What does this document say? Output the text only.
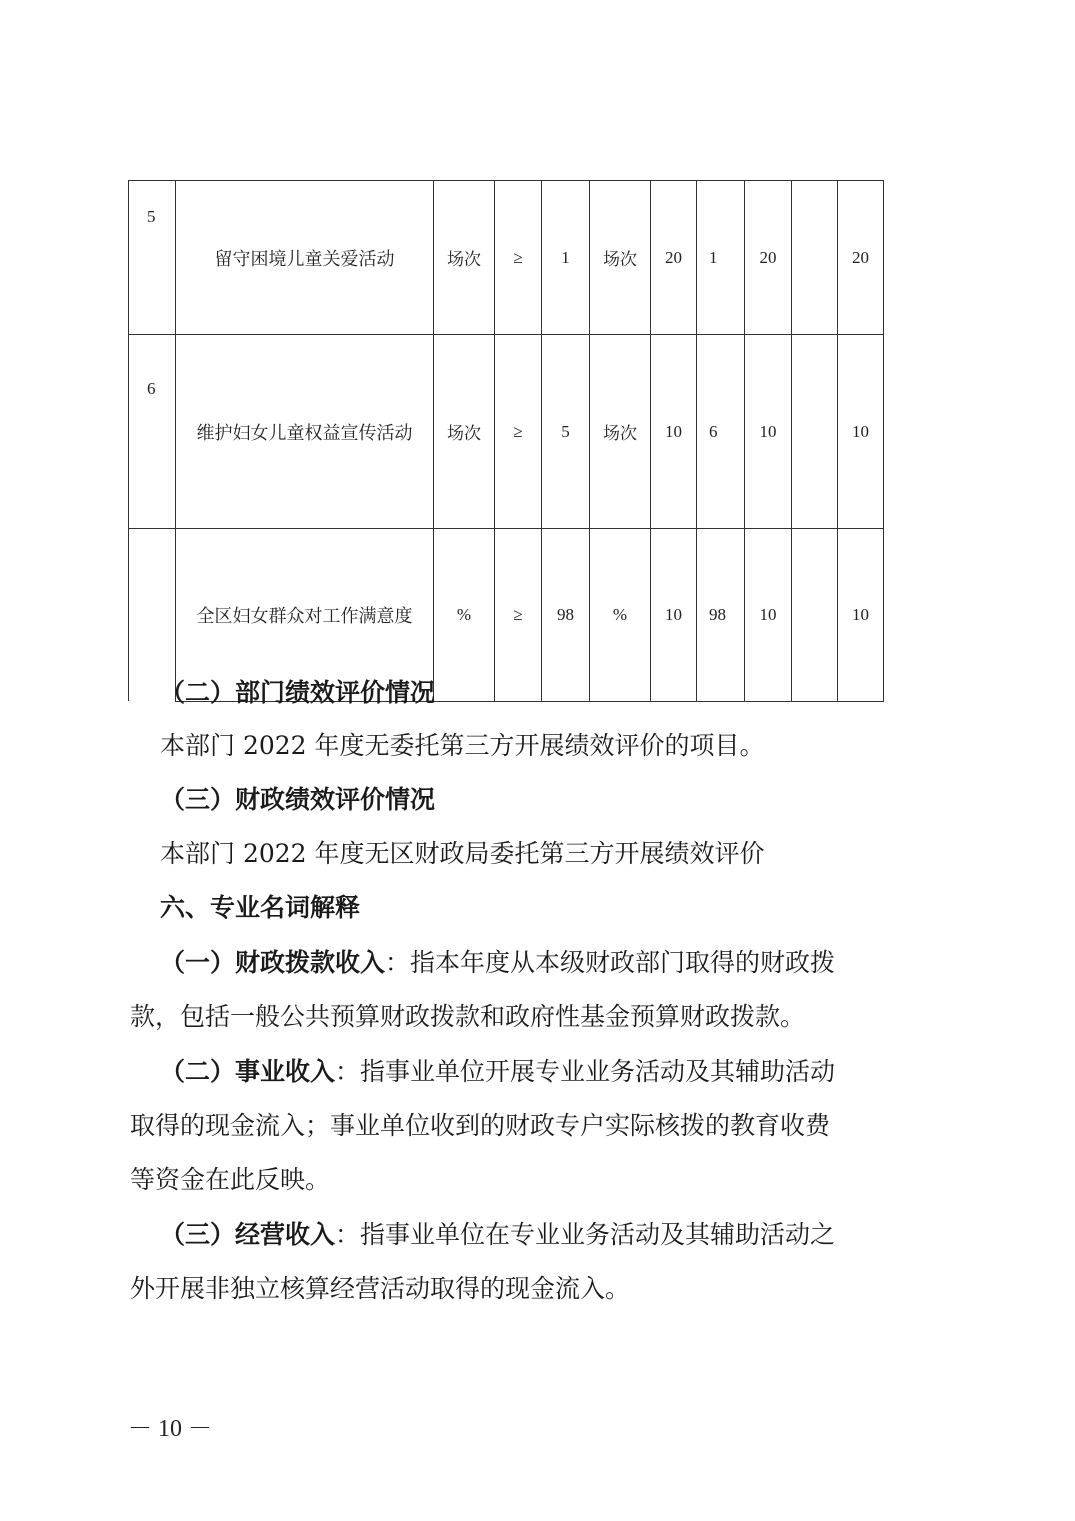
5	留守困境儿童关爱活动	场次	≥	1	场次	20	1	20		20
6	维护妇女儿童权益宣传活动	场次	≥	5	场次	10	6	10		10
	全区妇女群众对工作满意度	%	≥	98	%	10	98	10		10
（二）部门绩效评价情况
本部门 2022 年度无委托第三方开展绩效评价的项目。
（三）财政绩效评价情况
本部门 2022 年度无区财政局委托第三方开展绩效评价
六、专业名词解释
（一）财政拨款收入：指本年度从本级财政部门取得的财政拨
款，包括一般公共预算财政拨款和政府性基金预算财政拨款。
（二）事业收入：指事业单位开展专业业务活动及其辅助活动
取得的现金流入；事业单位收到的财政专户实际核拨的教育收费
等资金在此反映。
（三）经营收入：指事业单位在专业业务活动及其辅助活动之
外开展非独立核算经营活动取得的现金流入。
－ 10 －
